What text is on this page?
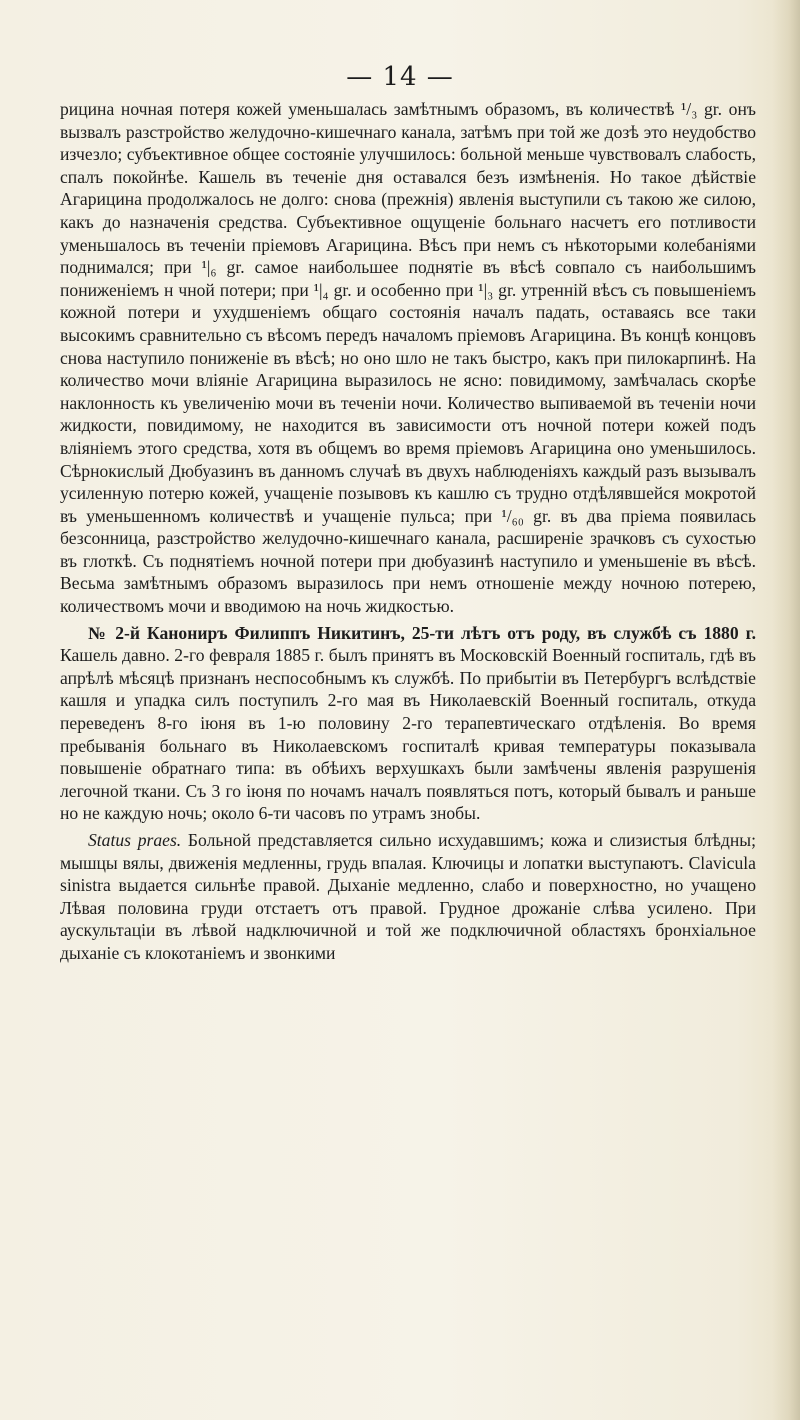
— 14 —

рицина ночная потеря кожей уменьшалась замѣтнымъ образомъ, въ количествѣ ¹/₃ gr. онъ вызвалъ разстройство желудочно-кишечнаго канала, затѣмъ при той же дозѣ это неудобство изчезло; субъективное общее состояніе улучшилось: больной меньше чувствовалъ слабость, спалъ покойнѣе. Кашель въ теченіе дня оставался безъ измѣненія. Но такое дѣйствіе Агарицина продолжалось не долго: снова (прежнія) явленія выступили съ такою же силою, какъ до назначенія средства. Субъективное ощущеніе больнаго насчетъ его потливости уменьшалось въ теченіи пріемовъ Агарицина. Вѣсъ при немъ съ нѣкоторыми колебаніями поднимался; при ¹|₆ gr. самое наибольшее поднятіе въ вѣсѣ совпало съ наибольшимъ пониженіемъ н чной потери; при ¹|₄ gr. и особенно при ¹|₃ gr. утренній вѣсъ съ повышеніемъ кожной потери и ухудшеніемъ общаго состоянія началъ падать, оставаясь все таки высокимъ сравнительно съ вѣсомъ передъ началомъ пріемовъ Агарицина. Въ концѣ концовъ снова наступило пониженіе въ вѣсѣ; но оно шло не такъ быстро, какъ при пилокарпинѣ. На количество мочи вліяніе Агарицина выразилось не ясно: повидимому, замѣчалась скорѣе наклонность къ увеличенію мочи въ теченіи ночи. Количество выпиваемой въ теченіи ночи жидкости, повидимому, не находится въ зависимости отъ ночной потери кожей подъ вліяніемъ этого средства, хотя въ общемъ во время пріемовъ Агарицина оно уменьшилось. Сѣрнокислый Дюбуазинъ въ данномъ случаѣ въ двухъ наблюденіяхъ каждый разъ вызывалъ усиленную потерю кожей, учащеніе позывовъ къ кашлю съ трудно отдѣлявшейся мокротой въ уменьшенномъ количествѣ и учащеніе пульса; при ¹/₆₀ gr. въ два пріема появилась безсонница, разстройство желудочно-кишечнаго канала, расширеніе зрачковъ съ сухостью въ глоткѣ. Съ поднятіемъ ночной потери при дюбуазинѣ наступило и уменьшеніе въ вѣсѣ. Весьма замѣтнымъ образомъ выразилось при немъ отношеніе между ночною потерею, количествомъ мочи и вводимою на ночь жидкостью.

№ 2-й Канониръ Филиппъ Никитинъ, 25-ти лѣтъ отъ роду, въ службѣ съ 1880 г. Кашель давно. 2-го февраля 1885 г. былъ принятъ въ Московскій Военный госпиталь, гдѣ въ апрѣлѣ мѣсяцѣ признанъ неспособнымъ къ службѣ. По прибытіи въ Петербургъ вслѣдствіе кашля и упадка силъ поступилъ 2-го мая въ Николаевскій Военный госпиталь, откуда переведенъ 8-го іюня въ 1-ю половину 2-го терапевтическаго отдѣленія. Во время пребыванія больнаго въ Николаевскомъ госпиталѣ кривая температуры показывала повышеніе обратнаго типа: въ обѣихъ верхушкахъ были замѣчены явленія разрушенія легочной ткани. Съ 3 го іюня по ночамъ началъ появляться потъ, который бывалъ и раньше но не каждую ночь; около 6-ти часовъ по утрамъ знобы.

Status praes. Больной представляется сильно исхудавшимъ; кожа и слизистыя блѣдны; мышцы вялы, движенія медленны, грудь впалая. Ключицы и лопатки выступаютъ. Clavicula sinistra выдается сильнѣе правой. Дыханіе медленно, слабо и поверхностно, но учащено Лѣвая половина груди отстаетъ отъ правой. Грудное дрожаніе слѣва усилено. При аускультаціи въ лѣвой надключичной и той же подключичной областяхъ бронхіальное дыханіе съ клокотаніемъ и звонкими
